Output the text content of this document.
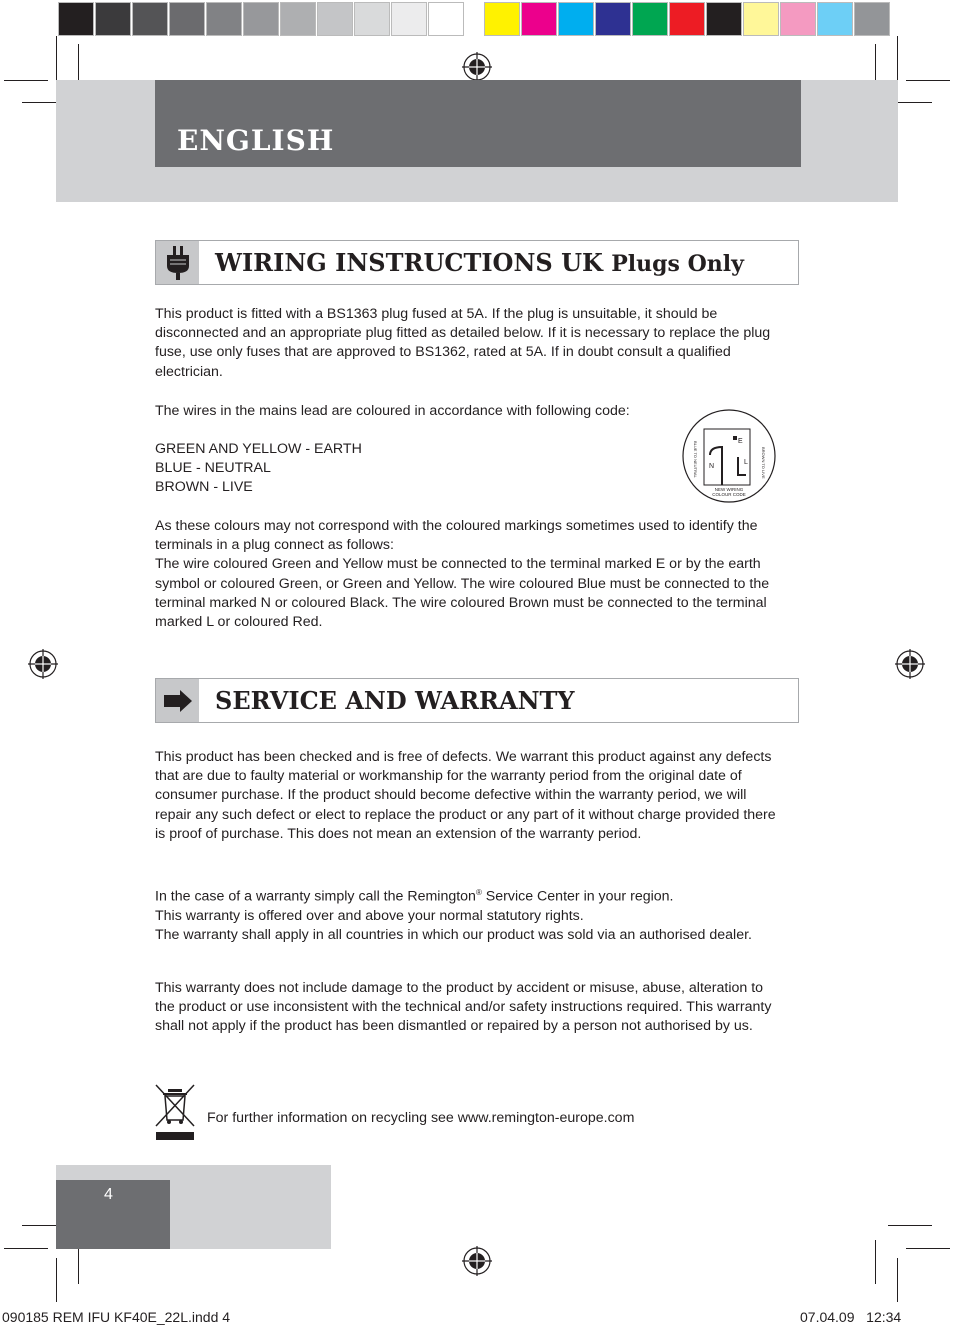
ENGLISH
WIRING INSTRUCTIONS UK Plugs Only

This product is fitted with a BS1363 plug fused at 5A. If the plug is unsuitable, it should be disconnected and an appropriate plug fitted as detailed below. If it is necessary to replace the plug fuse, use only fuses that are approved to BS1362, rated at 5A. If in doubt consult a qualified electrician.

The wires in the mains lead are coloured in accordance with following code:

GREEN AND YELLOW - EARTH
BLUE - NEUTRAL
BROWN - LIVE
As these colours may not correspond with the coloured markings sometimes used to identify the terminals in a plug connect as follows:
The wire coloured Green and Yellow must be connected to the terminal marked E or by the earth symbol or coloured Green, or Green and Yellow. The wire coloured Blue must be connected to the terminal marked N or coloured Black. The wire coloured Brown must be connected to the terminal marked L or coloured Red.
E
N
L
BLUE TO NEUTRAL	BROWN TO LIVE
NEW WIRING
COLOUR CODE
SERVICE AND WARRANTY

This product has been checked and is free of defects. We warrant this product against any defects that are due to faulty material or workmanship for the warranty period from the original date of consumer purchase. If the product should become defective within the warranty period, we will repair any such defect or elect to replace the product or any part of it without charge provided there is proof of purchase. This does not mean an extension of the warranty period.

In the case of a warranty simply call the Remington® Service Center in your region.
This warranty is offered over and above your normal statutory rights.
The warranty shall apply in all countries in which our product was sold via an authorised dealer.

This warranty does not include damage to the product by accident or misuse, abuse, alteration to the product or use inconsistent with the technical and/or safety instructions required. This warranty shall not apply if the product has been dismantled or repaired by a person not authorised by us.

For further information on recycling see www.remington-europe.com
4
090185 REM IFU KF40E_22L.indd 4	07.04.09   12:34
